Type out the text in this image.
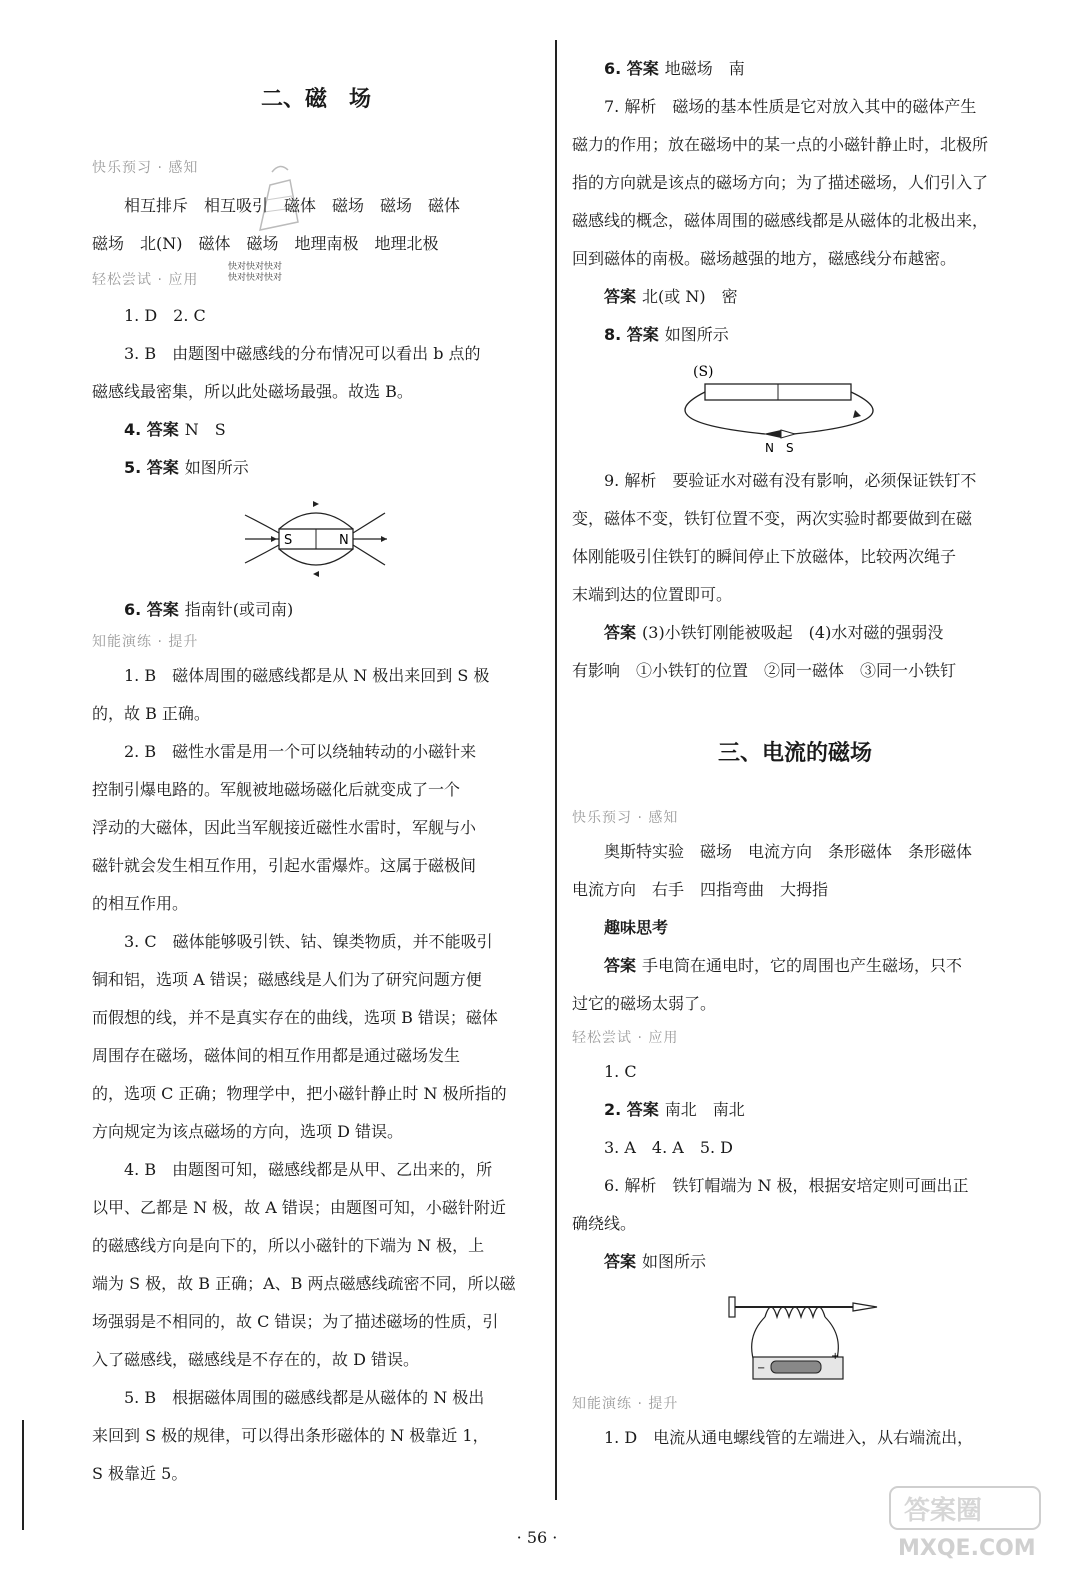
快对快对快对
快对快对快对
二、磁　场

快乐预习 · 感知

相互排斥　相互吸引　磁体　磁场　磁场　磁体

磁场　北(N)　磁体　磁场　地理南极　地理北极

轻松尝试 · 应用

1. D　2. C

3. B　由题图中磁感线的分布情况可以看出 b 点的

磁感线最密集，所以此处磁场最强。故选 B。

4. 答案 N　S

5. 答案 如图所示

S	N

6. 答案 指南针(或司南)

知能演练 · 提升

1. B　磁体周围的磁感线都是从 N 极出来回到 S 极

的，故 B 正确。

2. B　磁性水雷是用一个可以绕轴转动的小磁针来

控制引爆电路的。军舰被地磁场磁化后就变成了一个

浮动的大磁体，因此当军舰接近磁性水雷时，军舰与小

磁针就会发生相互作用，引起水雷爆炸。这属于磁极间

的相互作用。

3. C　磁体能够吸引铁、钴、镍类物质，并不能吸引

铜和铝，选项 A 错误；磁感线是人们为了研究问题方便

而假想的线，并不是真实存在的曲线，选项 B 错误；磁体

周围存在磁场，磁体间的相互作用都是通过磁场发生

的，选项 C 正确；物理学中，把小磁针静止时 N 极所指的

方向规定为该点磁场的方向，选项 D 错误。

4. B　由题图可知，磁感线都是从甲、乙出来的，所

以甲、乙都是 N 极，故 A 错误；由题图可知，小磁针附近

的磁感线方向是向下的，所以小磁针的下端为 N 极，上

端为 S 极，故 B 正确；A、B 两点磁感线疏密不同，所以磁

场强弱是不相同的，故 C 错误；为了描述磁场的性质，引

入了磁感线，磁感线是不存在的，故 D 错误。

5. B　根据磁体周围的磁感线都是从磁体的 N 极出

来回到 S 极的规律，可以得出条形磁体的 N 极靠近 1，

S 极靠近 5。

6. 答案 地磁场　南

7. 解析　磁场的基本性质是它对放入其中的磁体产生

磁力的作用；放在磁场中的某一点的小磁针静止时，北极所

指的方向就是该点的磁场方向；为了描述磁场，人们引入了

磁感线的概念，磁体周围的磁感线都是从磁体的北极出来，

回到磁体的南极。磁场越强的地方，磁感线分布越密。

答案 北(或 N)　密

8. 答案 如图所示

(S)
N　S

9. 解析　要验证水对磁有没有影响，必须保证铁钉不

变，磁体不变，铁钉位置不变，两次实验时都要做到在磁

体刚能吸引住铁钉的瞬间停止下放磁体，比较两次绳子

末端到达的位置即可。

答案 (3)小铁钉刚能被吸起　(4)水对磁的强弱没

有影响　①小铁钉的位置　②同一磁体　③同一小铁钉

三、电流的磁场

快乐预习 · 感知

奥斯特实验　磁场　电流方向　条形磁体　条形磁体

电流方向　右手　四指弯曲　大拇指

趣味思考

答案 手电筒在通电时，它的周围也产生磁场，只不

过它的磁场太弱了。

轻松尝试 · 应用

1. C

2. 答案 南北　南北

3. A　4. A　5. D

6. 解析　铁钉帽端为 N 极，根据安培定则可画出正

确绕线。

答案 如图所示

−
+

知能演练 · 提升

1. D　电流从通电螺线管的左端进入，从右端流出，

· 56 ·
答案圈
MXQE.COM
